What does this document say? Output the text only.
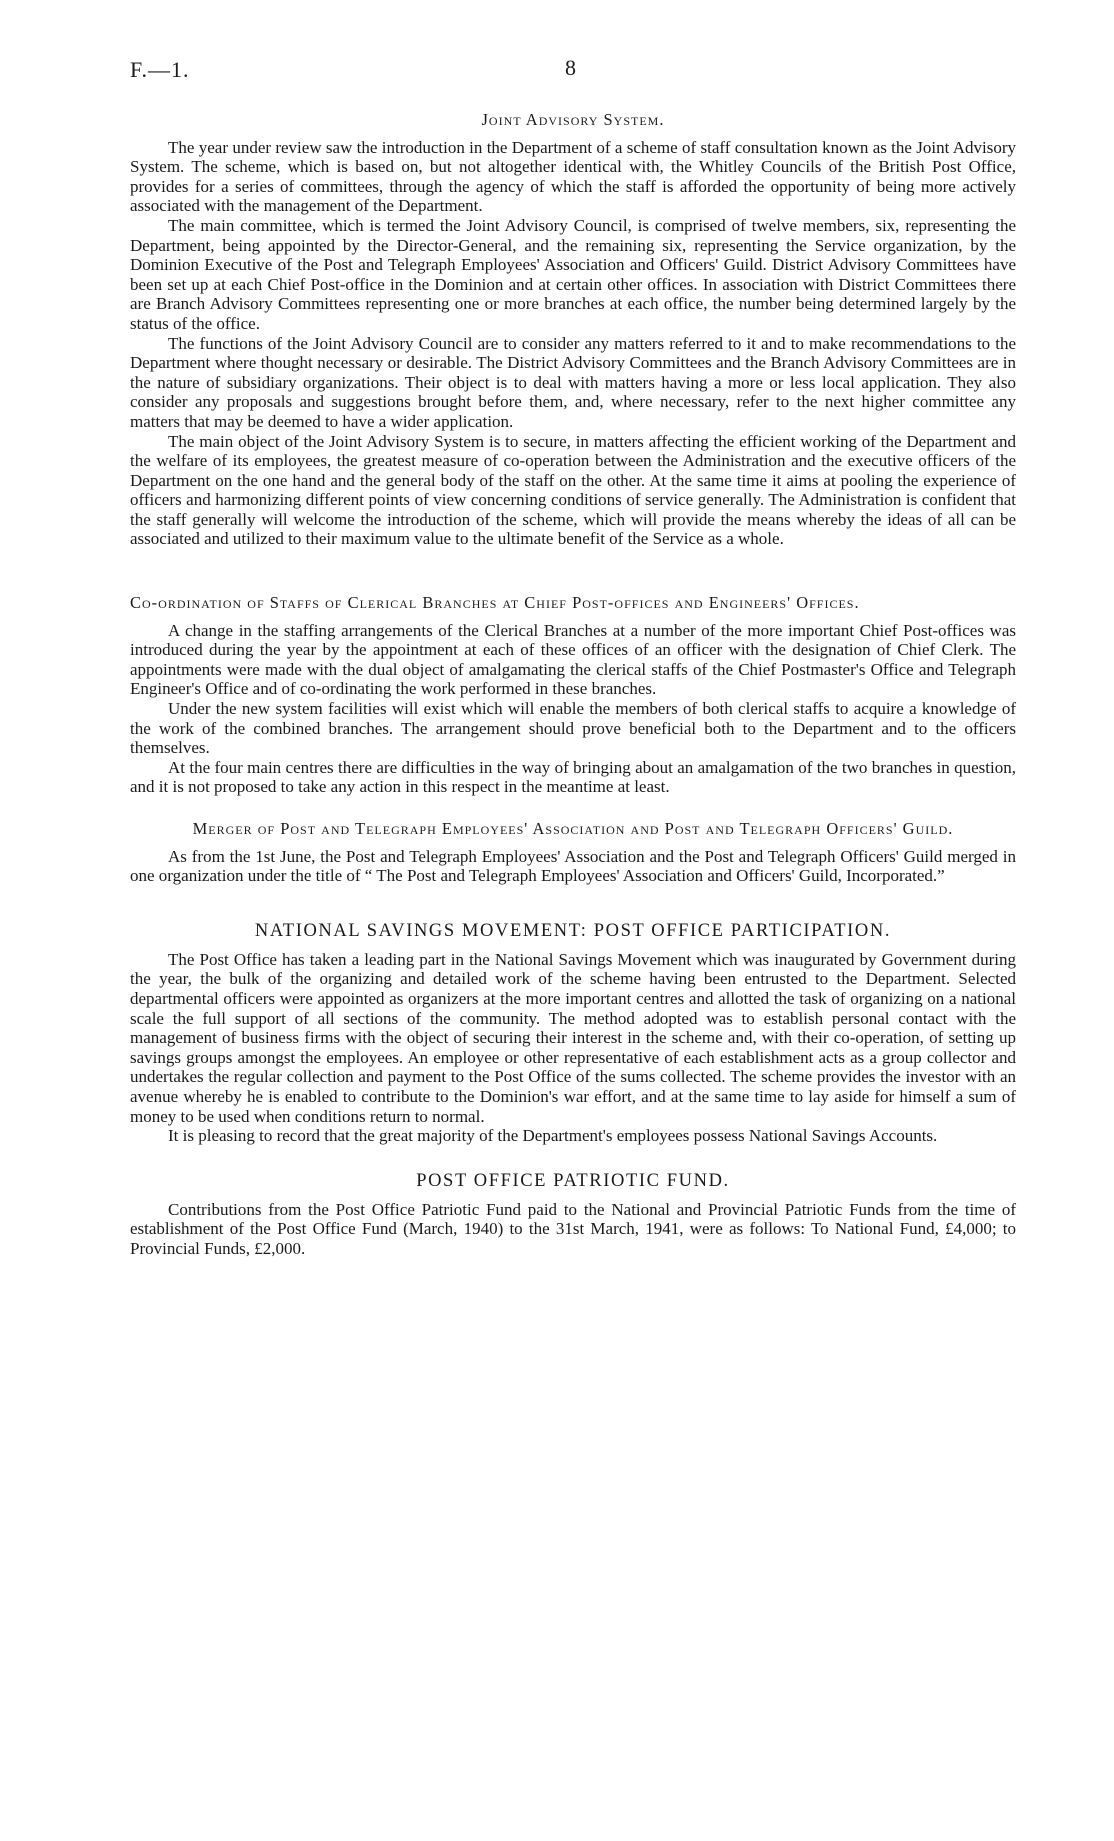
F.—1.	8
Joint Advisory System.

The year under review saw the introduction in the Department of a scheme of staff consultation known as the Joint Advisory System. The scheme, which is based on, but not altogether identical with, the Whitley Councils of the British Post Office, provides for a series of committees, through the agency of which the staff is afforded the opportunity of being more actively associated with the management of the Department.

The main committee, which is termed the Joint Advisory Council, is comprised of twelve members, six, representing the Department, being appointed by the Director-General, and the remaining six, representing the Service organization, by the Dominion Executive of the Post and Telegraph Employees' Association and Officers' Guild. District Advisory Committees have been set up at each Chief Post-office in the Dominion and at certain other offices. In association with District Committees there are Branch Advisory Committees representing one or more branches at each office, the number being determined largely by the status of the office.

The functions of the Joint Advisory Council are to consider any matters referred to it and to make recommendations to the Department where thought necessary or desirable. The District Advisory Committees and the Branch Advisory Committees are in the nature of subsidiary organizations. Their object is to deal with matters having a more or less local application. They also consider any proposals and suggestions brought before them, and, where necessary, refer to the next higher committee any matters that may be deemed to have a wider application.

The main object of the Joint Advisory System is to secure, in matters affecting the efficient working of the Department and the welfare of its employees, the greatest measure of co-operation between the Administration and the executive officers of the Department on the one hand and the general body of the staff on the other. At the same time it aims at pooling the experience of officers and harmonizing different points of view concerning conditions of service generally. The Administration is confident that the staff generally will welcome the introduction of the scheme, which will provide the means whereby the ideas of all can be associated and utilized to their maximum value to the ultimate benefit of the Service as a whole.

Co-ordination of Staffs of Clerical Branches at Chief Post-offices and Engineers' Offices.

A change in the staffing arrangements of the Clerical Branches at a number of the more important Chief Post-offices was introduced during the year by the appointment at each of these offices of an officer with the designation of Chief Clerk. The appointments were made with the dual object of amalgamating the clerical staffs of the Chief Postmaster's Office and Telegraph Engineer's Office and of co-ordinating the work performed in these branches.

Under the new system facilities will exist which will enable the members of both clerical staffs to acquire a knowledge of the work of the combined branches. The arrangement should prove beneficial both to the Department and to the officers themselves.

At the four main centres there are difficulties in the way of bringing about an amalgamation of the two branches in question, and it is not proposed to take any action in this respect in the meantime at least.

Merger of Post and Telegraph Employees' Association and Post and Telegraph Officers' Guild.

As from the 1st June, the Post and Telegraph Employees' Association and the Post and Telegraph Officers' Guild merged in one organization under the title of “ The Post and Telegraph Employees' Association and Officers' Guild, Incorporated.”

NATIONAL SAVINGS MOVEMENT: POST OFFICE PARTICIPATION.

The Post Office has taken a leading part in the National Savings Movement which was inaugurated by Government during the year, the bulk of the organizing and detailed work of the scheme having been entrusted to the Department. Selected departmental officers were appointed as organizers at the more important centres and allotted the task of organizing on a national scale the full support of all sections of the community. The method adopted was to establish personal contact with the management of business firms with the object of securing their interest in the scheme and, with their co-operation, of setting up savings groups amongst the employees. An employee or other representative of each establishment acts as a group collector and undertakes the regular collection and payment to the Post Office of the sums collected. The scheme provides the investor with an avenue whereby he is enabled to contribute to the Dominion's war effort, and at the same time to lay aside for himself a sum of money to be used when conditions return to normal.

It is pleasing to record that the great majority of the Department's employees possess National Savings Accounts.

POST OFFICE PATRIOTIC FUND.

Contributions from the Post Office Patriotic Fund paid to the National and Provincial Patriotic Funds from the time of establishment of the Post Office Fund (March, 1940) to the 31st March, 1941, were as follows: To National Fund, £4,000; to Provincial Funds, £2,000.
